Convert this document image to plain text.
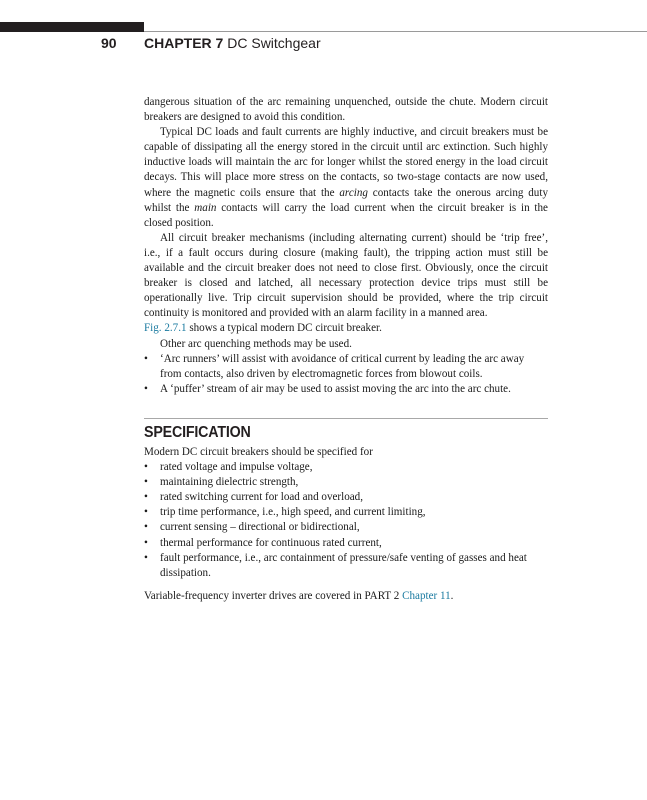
90 CHAPTER 7 DC Switchgear

dangerous situation of the arc remaining unquenched, outside the chute. Modern circuit breakers are designed to avoid this condition.

Typical DC loads and fault currents are highly inductive, and circuit breakers must be capable of dissipating all the energy stored in the circuit until arc extinction. Such highly inductive loads will maintain the arc for longer whilst the stored energy in the load circuit decays. This will place more stress on the contacts, so two-stage contacts are now used, where the magnetic coils ensure that the arcing contacts take the onerous arcing duty whilst the main contacts will carry the load current when the circuit breaker is in the closed position.

All circuit breaker mechanisms (including alternating current) should be ‘trip free’, i.e., if a fault occurs during closure (making fault), the tripping action must still be available and the circuit breaker does not need to close first. Obviously, once the circuit breaker is closed and latched, all necessary protection device trips must still be operationally live. Trip circuit supervision should be provided, where the trip circuit continuity is monitored and provided with an alarm facility in a manned area.

Fig. 2.7.1 shows a typical modern DC circuit breaker.

Other arc quenching methods may be used.

• ‘Arc runners’ will assist with avoidance of critical current by leading the arc away from contacts, also driven by electromagnetic forces from blowout coils.
• A ‘puffer’ stream of air may be used to assist moving the arc into the arc chute.
SPECIFICATION

Modern DC circuit breakers should be specified for

• rated voltage and impulse voltage,
• maintaining dielectric strength,
• rated switching current for load and overload,
• trip time performance, i.e., high speed, and current limiting,
• current sensing – directional or bidirectional,
• thermal performance for continuous rated current,
• fault performance, i.e., arc containment of pressure/safe venting of gasses and heat dissipation.

Variable-frequency inverter drives are covered in PART 2 Chapter 11.
